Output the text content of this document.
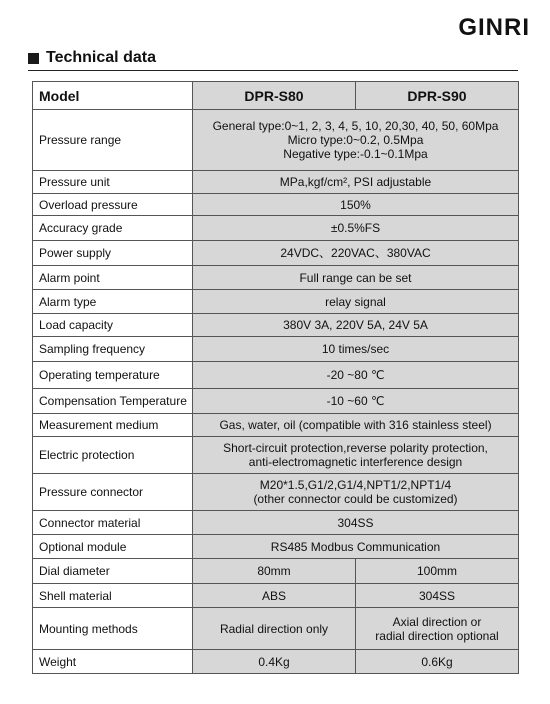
GINRI
Technical data
Model	DPR-S80	DPR-S90
Pressure range	General type:0~1, 2, 3, 4, 5, 10, 20,30, 40, 50, 60Mpa
Micro type:0~0.2, 0.5Mpa
Negative type:-0.1~0.1Mpa	

Pressure unit	MPa,kgf/cm², PSI adjustable	
Overload pressure	150%	
Accuracy grade	±0.5%FS	
Power supply	24VDC、220VAC、380VAC	
Alarm point	Full range can be set	
Alarm type	relay signal	
Load capacity	380V 3A, 220V 5A, 24V 5A	
Sampling frequency	10 times/sec	
Operating temperature	-20 ~80 ℃	
Compensation Temperature	-10 ~60 ℃	
Measurement medium	Gas, water, oil (compatible with 316 stainless steel)	
Electric protection	Short-circuit protection,reverse polarity protection,
anti-electromagnetic interference design	

Pressure connector	M20*1.5,G1/2,G1/4,NPT1/2,NPT1/4
(other connector could be customized)	

Connector material	304SS	
Optional module	RS485 Modbus Communication	
Dial diameter	80mm	100mm
Shell material	ABS	304SS
Mounting methods	Radial direction only	Axial direction or
radial direction optional

Weight	0.4Kg	0.6Kg
